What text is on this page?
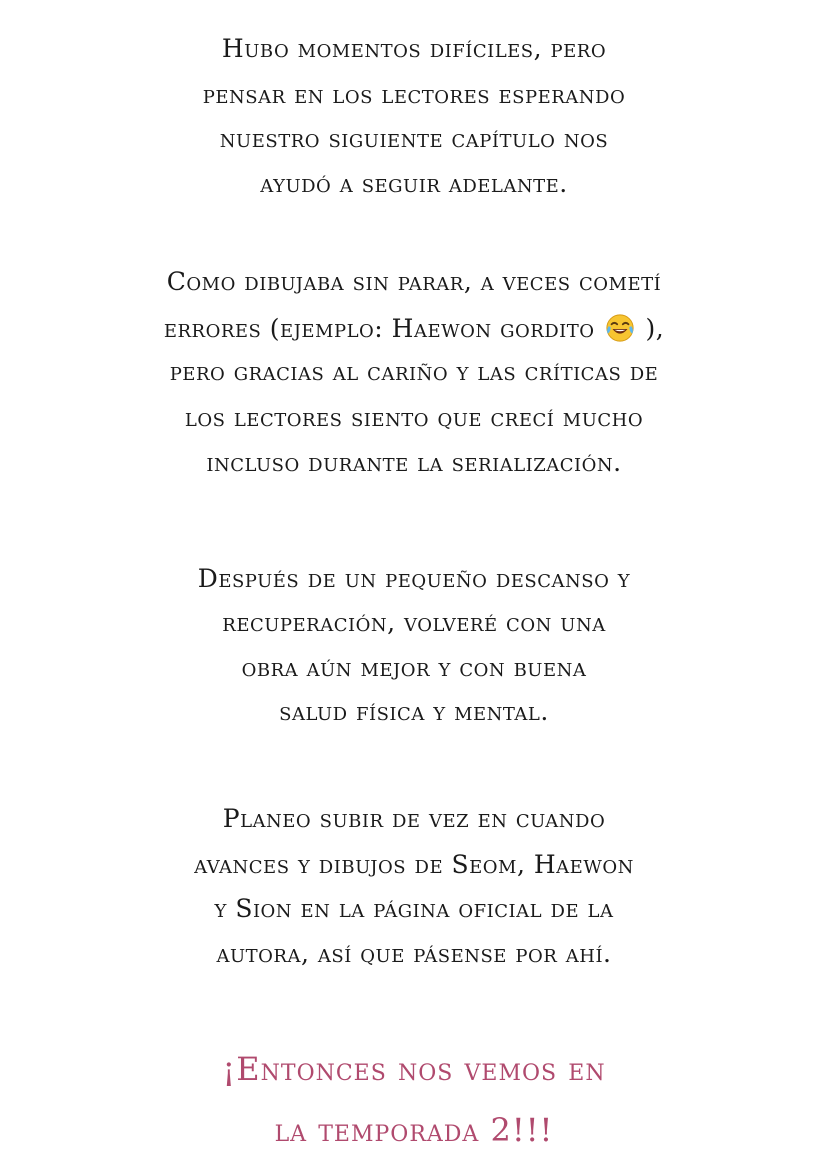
Hubo momentos difíciles, pero
pensar en los lectores esperando
nuestro siguiente capítulo nos
ayudó a seguir adelante.
Como dibujaba sin parar, a veces cometí
errores (ejemplo: Haewon gordito ),
pero gracias al cariño y las críticas de
los lectores siento que crecí mucho
incluso durante la serialización.
Después de un pequeño descanso y
recuperación, volveré con una
obra aún mejor y con buena
salud física y mental.
Planeo subir de vez en cuando
avances y dibujos de Seom, Haewon
y Sion en la página oficial de la
autora, así que pásense por ahí.
¡Entonces nos vemos en
la temporada 2!!!
